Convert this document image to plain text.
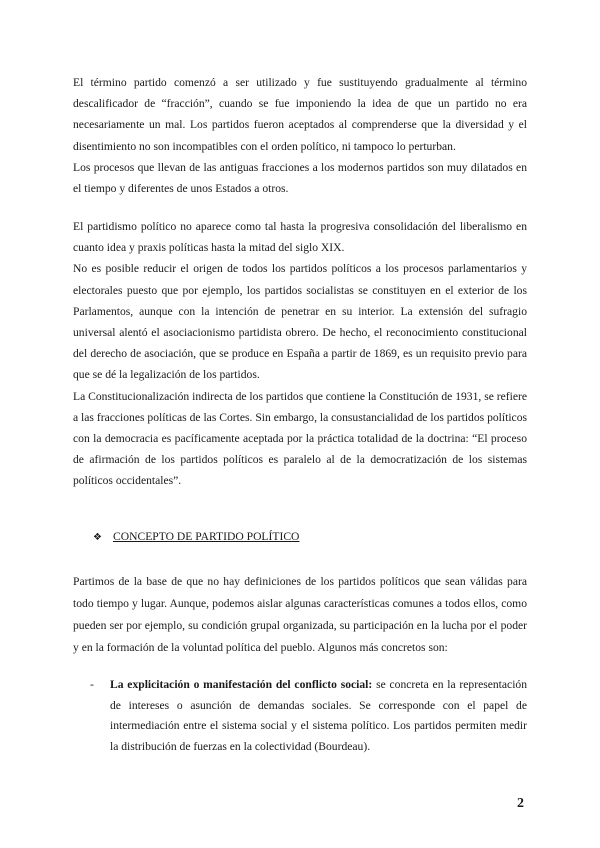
El término partido comenzó a ser utilizado y fue sustituyendo gradualmente al término descalificador de “fracción”, cuando se fue imponiendo la idea de que un partido no era necesariamente un mal. Los partidos fueron aceptados al comprenderse que la diversidad y el disentimiento no son incompatibles con el orden político, ni tampoco lo perturban.

Los procesos que llevan de las antiguas fracciones a los modernos partidos son muy dilatados en el tiempo y diferentes de unos Estados a otros.

El partidismo político no aparece como tal hasta la progresiva consolidación del liberalismo en cuanto idea y praxis políticas hasta la mitad del siglo XIX.

No es posible reducir el origen de todos los partidos políticos a los procesos parlamentarios y electorales puesto que por ejemplo, los partidos socialistas se constituyen en el exterior de los Parlamentos, aunque con la intención de penetrar en su interior. La extensión del sufragio universal alentó el asociacionismo partidista obrero. De hecho, el reconocimiento constitucional del derecho de asociación, que se produce en España a partir de 1869, es un requisito previo para que se dé la legalización de los partidos.

La Constitucionalización indirecta de los partidos que contiene la Constitución de 1931, se refiere a las fracciones políticas de las Cortes. Sin embargo, la consustancialidad de los partidos políticos con la democracia es pacíficamente aceptada por la práctica totalidad de la doctrina: “El proceso de afirmación de los partidos políticos es paralelo al de la democratización de los sistemas políticos occidentales”.

❖ CONCEPTO DE PARTIDO POLÍTICO

Partimos de la base de que no hay definiciones de los partidos políticos que sean válidas para todo tiempo y lugar. Aunque, podemos aislar algunas características comunes a todos ellos, como pueden ser por ejemplo, su condición grupal organizada, su participación en la lucha por el poder y en la formación de la voluntad política del pueblo. Algunos más concretos son:

- La explicitación o manifestación del conflicto social: se concreta en la representación de intereses o asunción de demandas sociales. Se corresponde con el papel de intermediación entre el sistema social y el sistema político. Los partidos permiten medir la distribución de fuerzas en la colectividad (Bourdeau).
2
